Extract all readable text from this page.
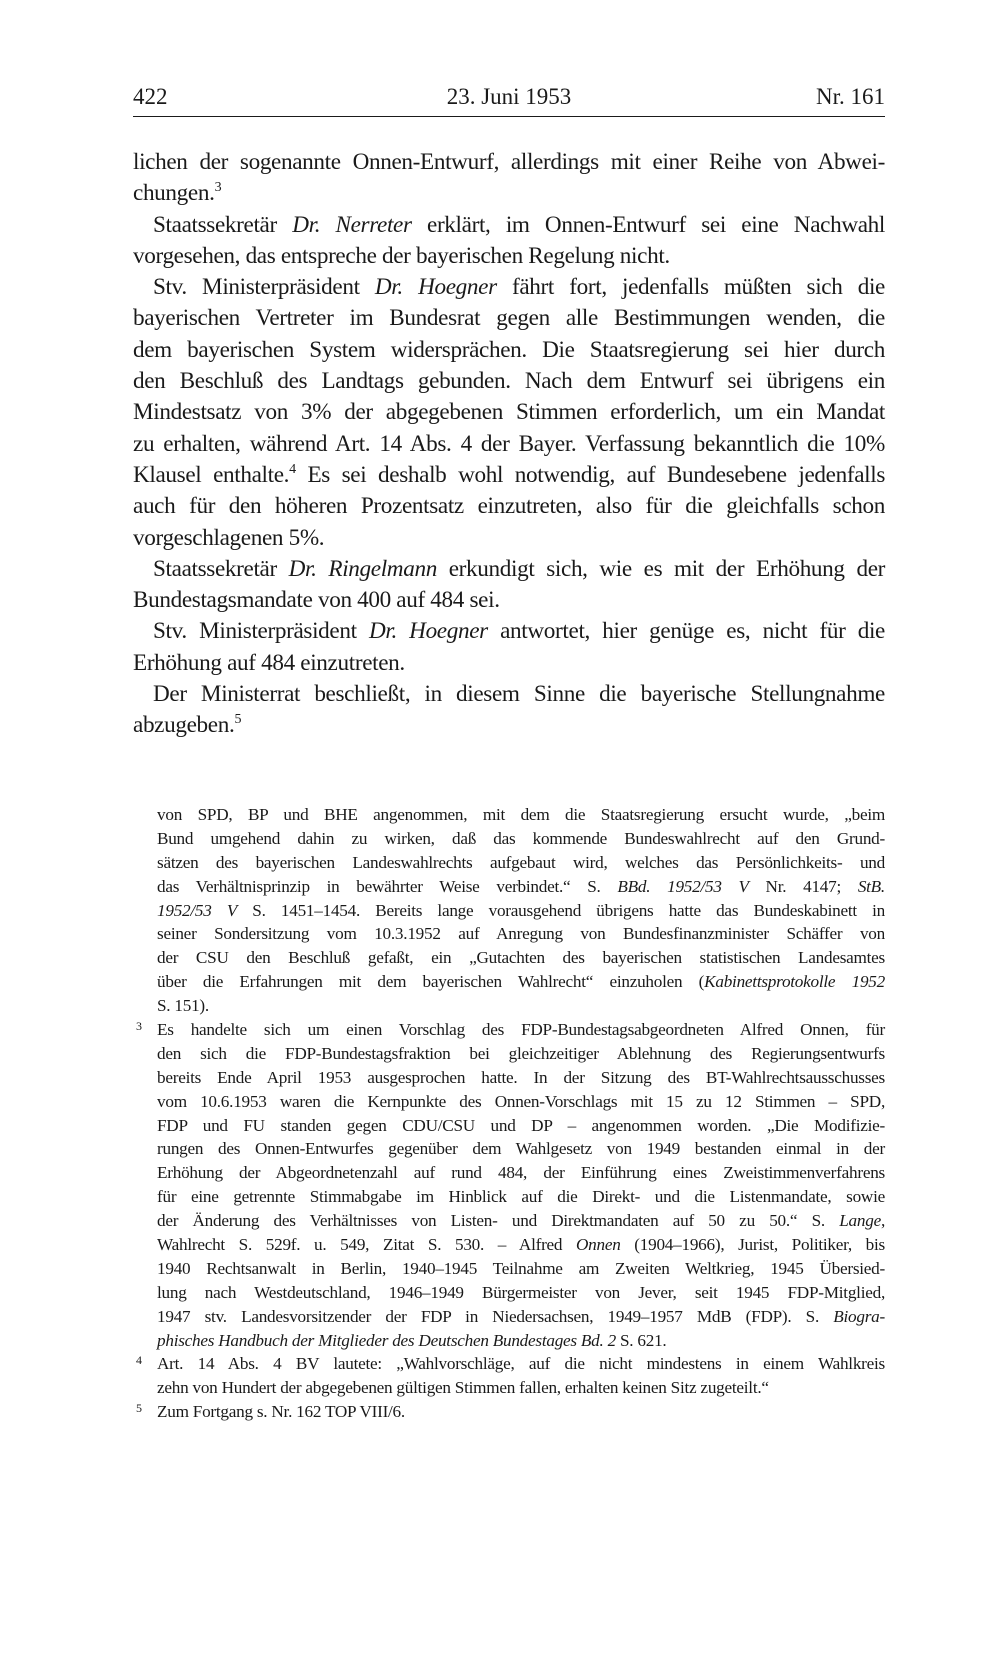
422	23. Juni 1953	Nr. 161
lichen der sogenannte Onnen-Entwurf, allerdings mit einer Reihe von Abwei-
chungen.$^3$
Staatssekretär Dr. Nerreter erklärt, im Onnen-Entwurf sei eine Nachwahl
vorgesehen, das entspreche der bayerischen Regelung nicht.
Stv. Ministerpräsident Dr. Hoegner fährt fort, jedenfalls müßten sich die
bayerischen Vertreter im Bundesrat gegen alle Bestimmungen wenden, die
dem bayerischen System widersprächen. Die Staatsregierung sei hier durch
den Beschluß des Landtags gebunden. Nach dem Entwurf sei übrigens ein
Mindestsatz von 3% der abgegebenen Stimmen erforderlich, um ein Mandat
zu erhalten, während Art. 14 Abs. 4 der Bayer. Verfassung bekanntlich die 10%
Klausel enthalte.$^4$ Es sei deshalb wohl notwendig, auf Bundesebene jedenfalls
auch für den höheren Prozentsatz einzutreten, also für die gleichfalls schon
vorgeschlagenen 5%.
Staatssekretär Dr. Ringelmann erkundigt sich, wie es mit der Erhöhung der
Bundestagsmandate von 400 auf 484 sei.
Stv. Ministerpräsident Dr. Hoegner antwortet, hier genüge es, nicht für die
Erhöhung auf 484 einzutreten.
Der Ministerrat beschließt, in diesem Sinne die bayerische Stellungnahme
abzugeben.$^5$
von SPD, BP und BHE angenommen, mit dem die Staatsregierung ersucht wurde, „beim
Bund umgehend dahin zu wirken, daß das kommende Bundeswahlrecht auf den Grund-
sätzen des bayerischen Landeswahlrechts aufgebaut wird, welches das Persönlichkeits- und
das Verhältnisprinzip in bewährter Weise verbindet.“ S. BBd. 1952/53 V Nr. 4147; StB.
1952/53 V S. 1451–1454. Bereits lange vorausgehend übrigens hatte das Bundeskabinett in
seiner Sondersitzung vom 10.3.1952 auf Anregung von Bundesfinanzminister Schäffer von
der CSU den Beschluß gefaßt, ein „Gutachten des bayerischen statistischen Landesamtes
über die Erfahrungen mit dem bayerischen Wahlrecht“ einzuholen (Kabinettsprotokolle 1952
S. 151).
3 Es handelte sich um einen Vorschlag des FDP-Bundestagsabgeordneten Alfred Onnen, für
den sich die FDP-Bundestagsfraktion bei gleichzeitiger Ablehnung des Regierungsentwurfs
bereits Ende April 1953 ausgesprochen hatte. In der Sitzung des BT-Wahlrechtsausschusses
vom 10.6.1953 waren die Kernpunkte des Onnen-Vorschlags mit 15 zu 12 Stimmen – SPD,
FDP und FU standen gegen CDU/CSU und DP – angenommen worden. „Die Modifizie-
rungen des Onnen-Entwurfes gegenüber dem Wahlgesetz von 1949 bestanden einmal in der
Erhöhung der Abgeordnetenzahl auf rund 484, der Einführung eines Zweistimmenverfahrens
für eine getrennte Stimmabgabe im Hinblick auf die Direkt- und die Listenmandate, sowie
der Änderung des Verhältnisses von Listen- und Direktmandaten auf 50 zu 50.“ S. Lange,
Wahlrecht S. 529f. u. 549, Zitat S. 530. – Alfred Onnen (1904–1966), Jurist, Politiker, bis
1940 Rechtsanwalt in Berlin, 1940–1945 Teilnahme am Zweiten Weltkrieg, 1945 Übersied-
lung nach Westdeutschland, 1946–1949 Bürgermeister von Jever, seit 1945 FDP-Mitglied,
1947 stv. Landesvorsitzender der FDP in Niedersachsen, 1949–1957 MdB (FDP). S. Biogra-
phisches Handbuch der Mitglieder des Deutschen Bundestages Bd. 2 S. 621.
4 Art. 14 Abs. 4 BV lautete: „Wahlvorschläge, auf die nicht mindestens in einem Wahlkreis
zehn von Hundert der abgegebenen gültigen Stimmen fallen, erhalten keinen Sitz zugeteilt.“
5 Zum Fortgang s. Nr. 162 TOP VIII/6.
